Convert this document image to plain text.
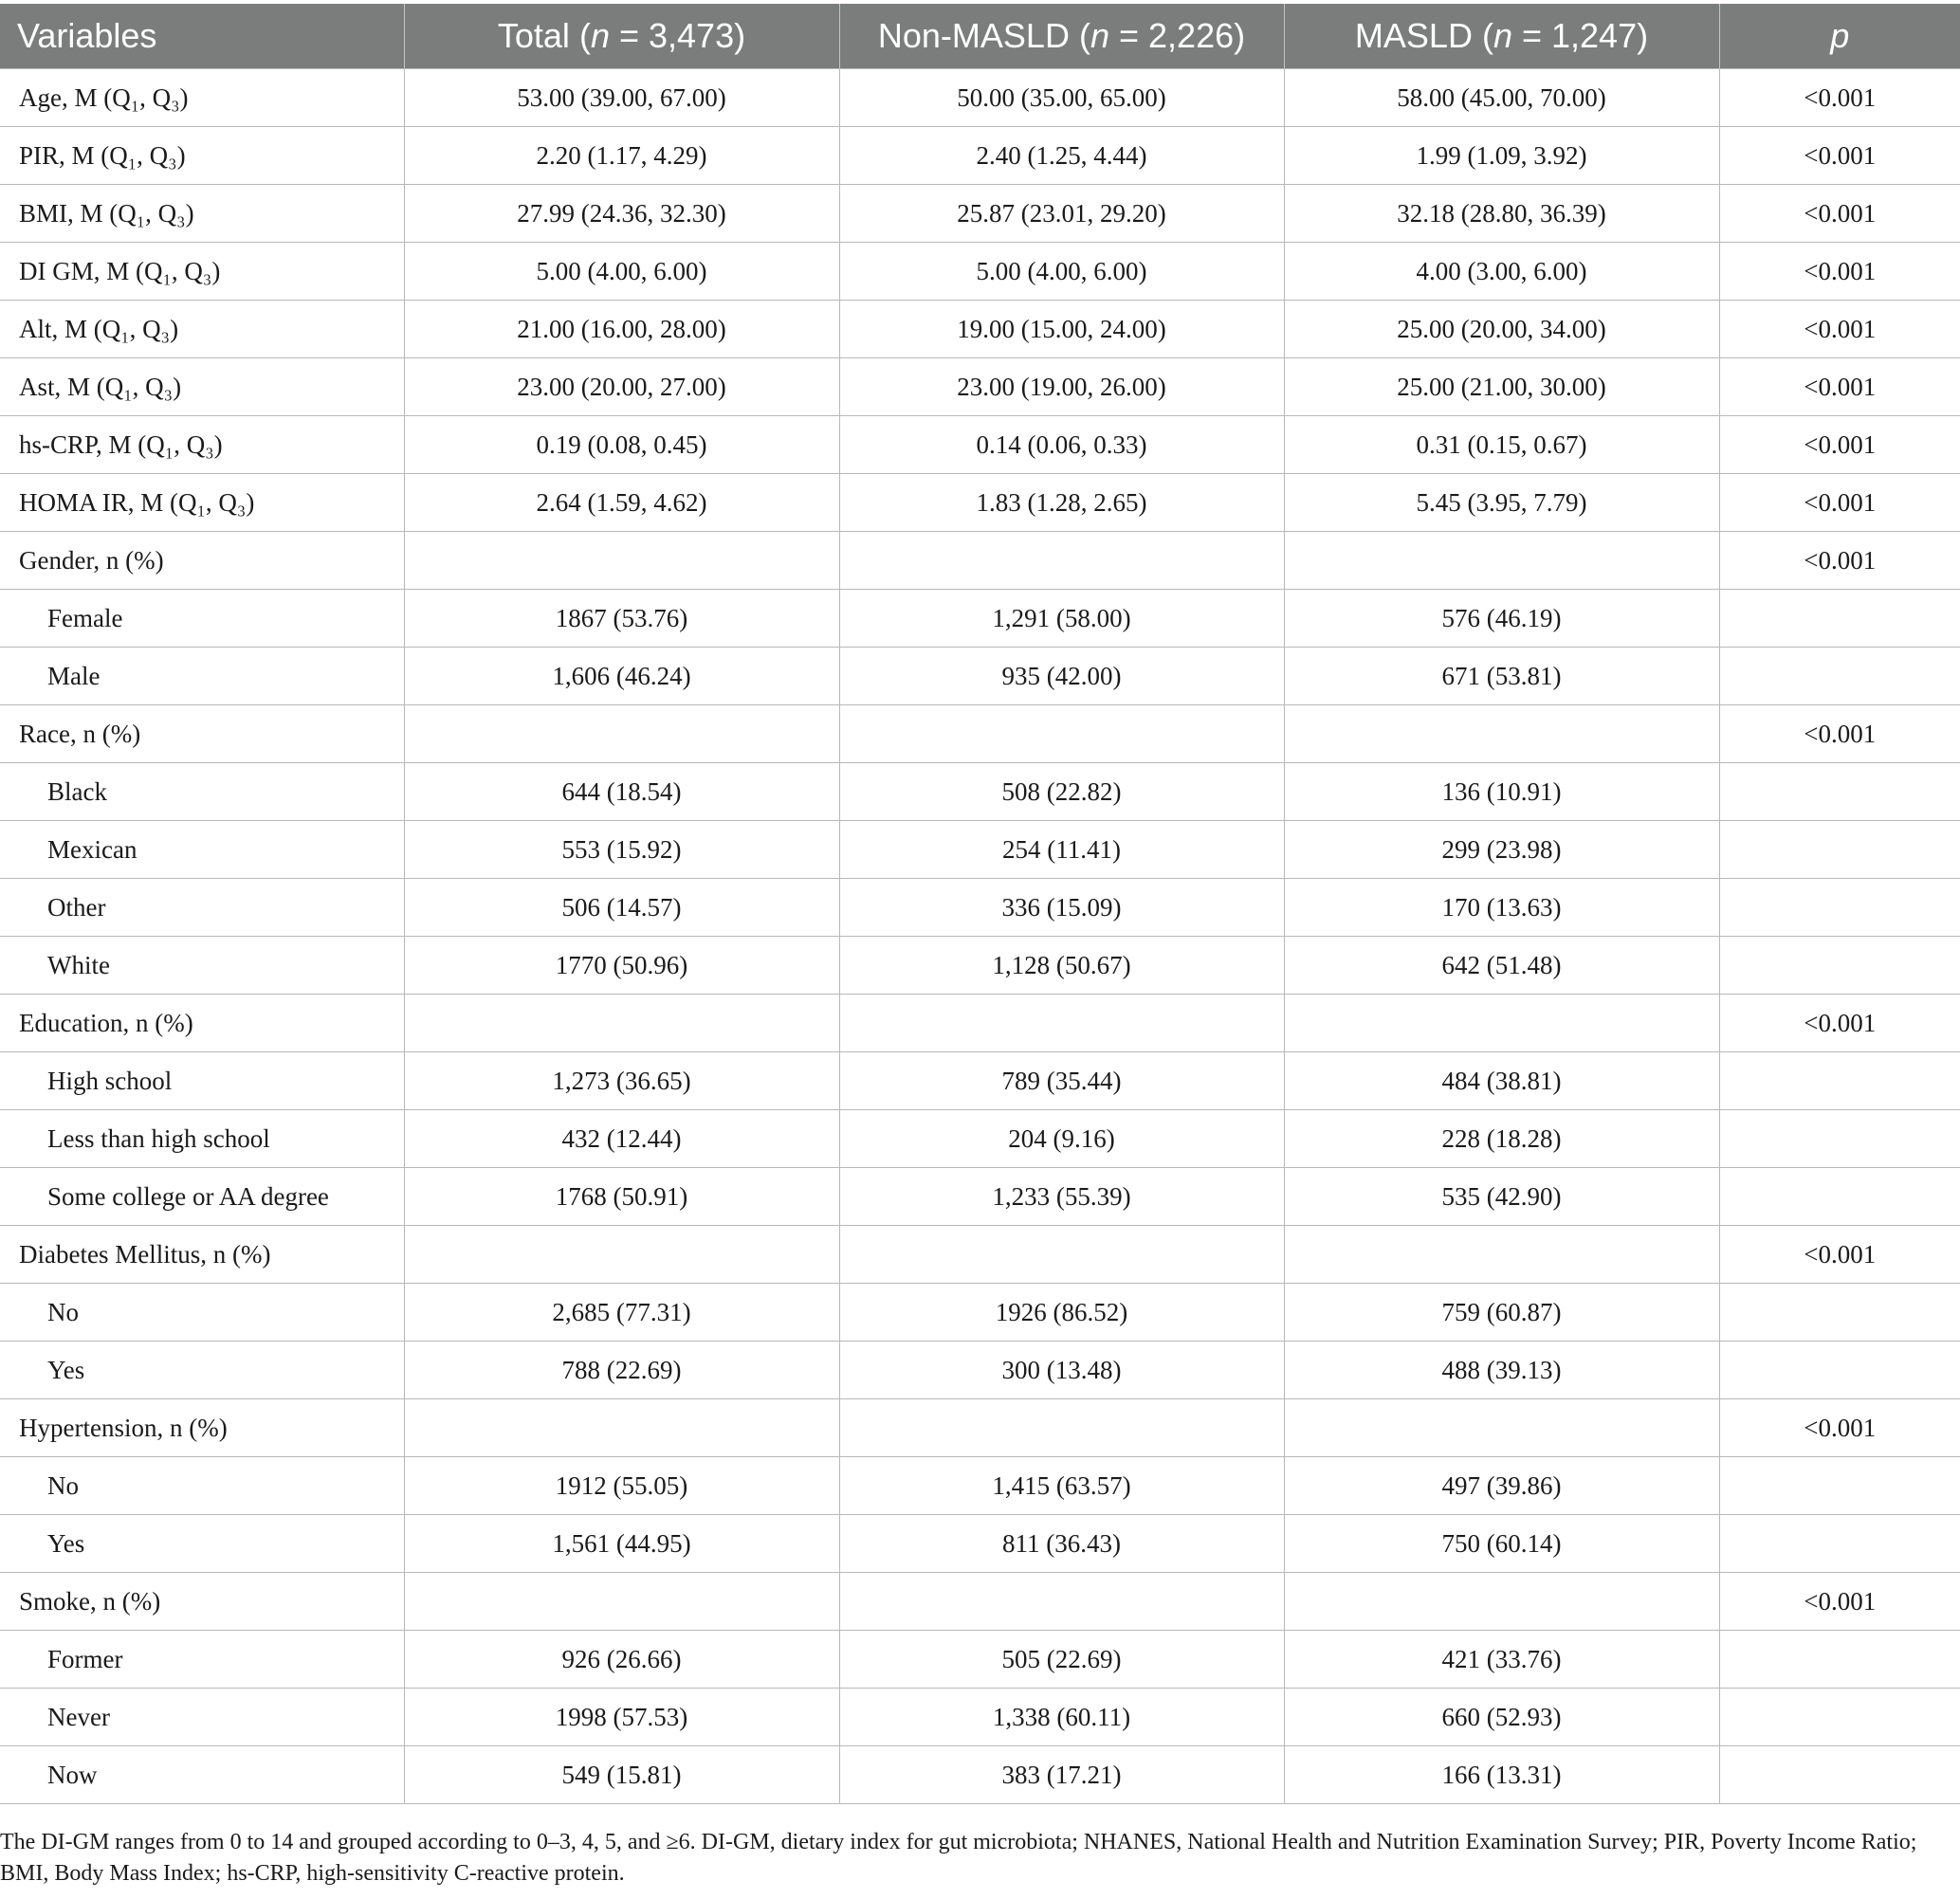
Variables	Total (n = 3,473)	Non-MASLD (n = 2,226)	MASLD (n = 1,247)	p
Age, M (Q₁, Q₃)	53.00 (39.00, 67.00)	50.00 (35.00, 65.00)	58.00 (45.00, 70.00)	<0.001
PIR, M (Q₁, Q₃)	2.20 (1.17, 4.29)	2.40 (1.25, 4.44)	1.99 (1.09, 3.92)	<0.001
BMI, M (Q₁, Q₃)	27.99 (24.36, 32.30)	25.87 (23.01, 29.20)	32.18 (28.80, 36.39)	<0.001
DI GM, M (Q₁, Q₃)	5.00 (4.00, 6.00)	5.00 (4.00, 6.00)	4.00 (3.00, 6.00)	<0.001
Alt, M (Q₁, Q₃)	21.00 (16.00, 28.00)	19.00 (15.00, 24.00)	25.00 (20.00, 34.00)	<0.001
Ast, M (Q₁, Q₃)	23.00 (20.00, 27.00)	23.00 (19.00, 26.00)	25.00 (21.00, 30.00)	<0.001
hs-CRP, M (Q₁, Q₃)	0.19 (0.08, 0.45)	0.14 (0.06, 0.33)	0.31 (0.15, 0.67)	<0.001
HOMA IR, M (Q₁, Q₃)	2.64 (1.59, 4.62)	1.83 (1.28, 2.65)	5.45 (3.95, 7.79)	<0.001
Gender, n (%)				<0.001
Female	1867 (53.76)	1,291 (58.00)	576 (46.19)	
Male	1,606 (46.24)	935 (42.00)	671 (53.81)	
Race, n (%)				<0.001
Black	644 (18.54)	508 (22.82)	136 (10.91)	
Mexican	553 (15.92)	254 (11.41)	299 (23.98)	
Other	506 (14.57)	336 (15.09)	170 (13.63)	
White	1770 (50.96)	1,128 (50.67)	642 (51.48)	
Education, n (%)				<0.001
High school	1,273 (36.65)	789 (35.44)	484 (38.81)	
Less than high school	432 (12.44)	204 (9.16)	228 (18.28)	
Some college or AA degree	1768 (50.91)	1,233 (55.39)	535 (42.90)	
Diabetes Mellitus, n (%)				<0.001
No	2,685 (77.31)	1926 (86.52)	759 (60.87)	
Yes	788 (22.69)	300 (13.48)	488 (39.13)	
Hypertension, n (%)				<0.001
No	1912 (55.05)	1,415 (63.57)	497 (39.86)	
Yes	1,561 (44.95)	811 (36.43)	750 (60.14)	
Smoke, n (%)				<0.001
Former	926 (26.66)	505 (22.69)	421 (33.76)	
Never	1998 (57.53)	1,338 (60.11)	660 (52.93)	
Now	549 (15.81)	383 (17.21)	166 (13.31)	
The DI-GM ranges from 0 to 14 and grouped according to 0–3, 4, 5, and ≥6. DI-GM, dietary index for gut microbiota; NHANES, National Health and Nutrition Examination Survey; PIR, Poverty Income Ratio; BMI, Body Mass Index; hs-CRP, high-sensitivity C-reactive protein.
